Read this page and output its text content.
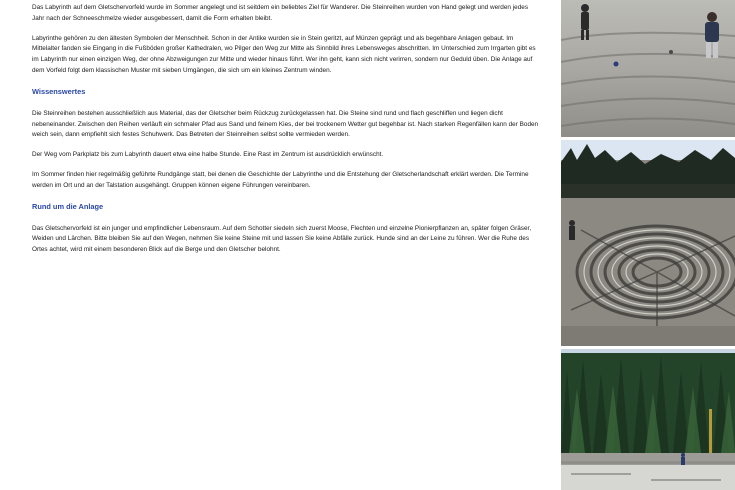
Das Labyrinth auf dem Gletschervorfeld wurde im Sommer angelegt und ist seitdem ein beliebtes Ziel für Wanderer. Die Steinreihen wurden von Hand gelegt und werden jedes Jahr nach der Schneeschmelze wieder ausgebessert, damit die Form erhalten bleibt.

Labyrinthe gehören zu den ältesten Symbolen der Menschheit. Schon in der Antike wurden sie in Stein geritzt, auf Münzen geprägt und als begehbare Anlagen gebaut. Im Mittelalter fanden sie Eingang in die Fußböden großer Kathedralen, wo Pilger den Weg zur Mitte als Sinnbild ihres Lebensweges abschritten. Im Unterschied zum Irrgarten gibt es im Labyrinth nur einen einzigen Weg, der ohne Abzweigungen zur Mitte und wieder hinaus führt. Wer ihn geht, kann sich nicht verirren, sondern nur Geduld üben. Die Anlage auf dem Vorfeld folgt dem klassischen Muster mit sieben Umgängen, die sich um ein kleines Zentrum winden.

Wissenswertes

Die Steinreihen bestehen ausschließlich aus Material, das der Gletscher beim Rückzug zurückgelassen hat. Die Steine sind rund und flach geschliffen und liegen dicht nebeneinander. Zwischen den Reihen verläuft ein schmaler Pfad aus Sand und feinem Kies, der bei trockenem Wetter gut begehbar ist. Nach starken Regenfällen kann der Boden weich sein, dann empfiehlt sich festes Schuhwerk. Das Betreten der Steinreihen selbst sollte vermieden werden.

Der Weg vom Parkplatz bis zum Labyrinth dauert etwa eine halbe Stunde. Eine Rast im Zentrum ist ausdrücklich erwünscht.

Im Sommer finden hier regelmäßig geführte Rundgänge statt, bei denen die Geschichte der Labyrinthe und die Entstehung der Gletscherlandschaft erklärt werden. Die Termine werden im Ort und an der Talstation ausgehängt. Gruppen können eigene Führungen vereinbaren.

Rund um die Anlage

Das Gletschervorfeld ist ein junger und empfindlicher Lebensraum. Auf dem Schotter siedeln sich zuerst Moose, Flechten und einzelne Pionierpflanzen an, später folgen Gräser, Weiden und Lärchen. Bitte bleiben Sie auf den Wegen, nehmen Sie keine Steine mit und lassen Sie keine Abfälle zurück. Hunde sind an der Leine zu führen. Wer die Ruhe des Ortes achtet, wird mit einem besonderen Blick auf die Berge und den Gletscher belohnt.
